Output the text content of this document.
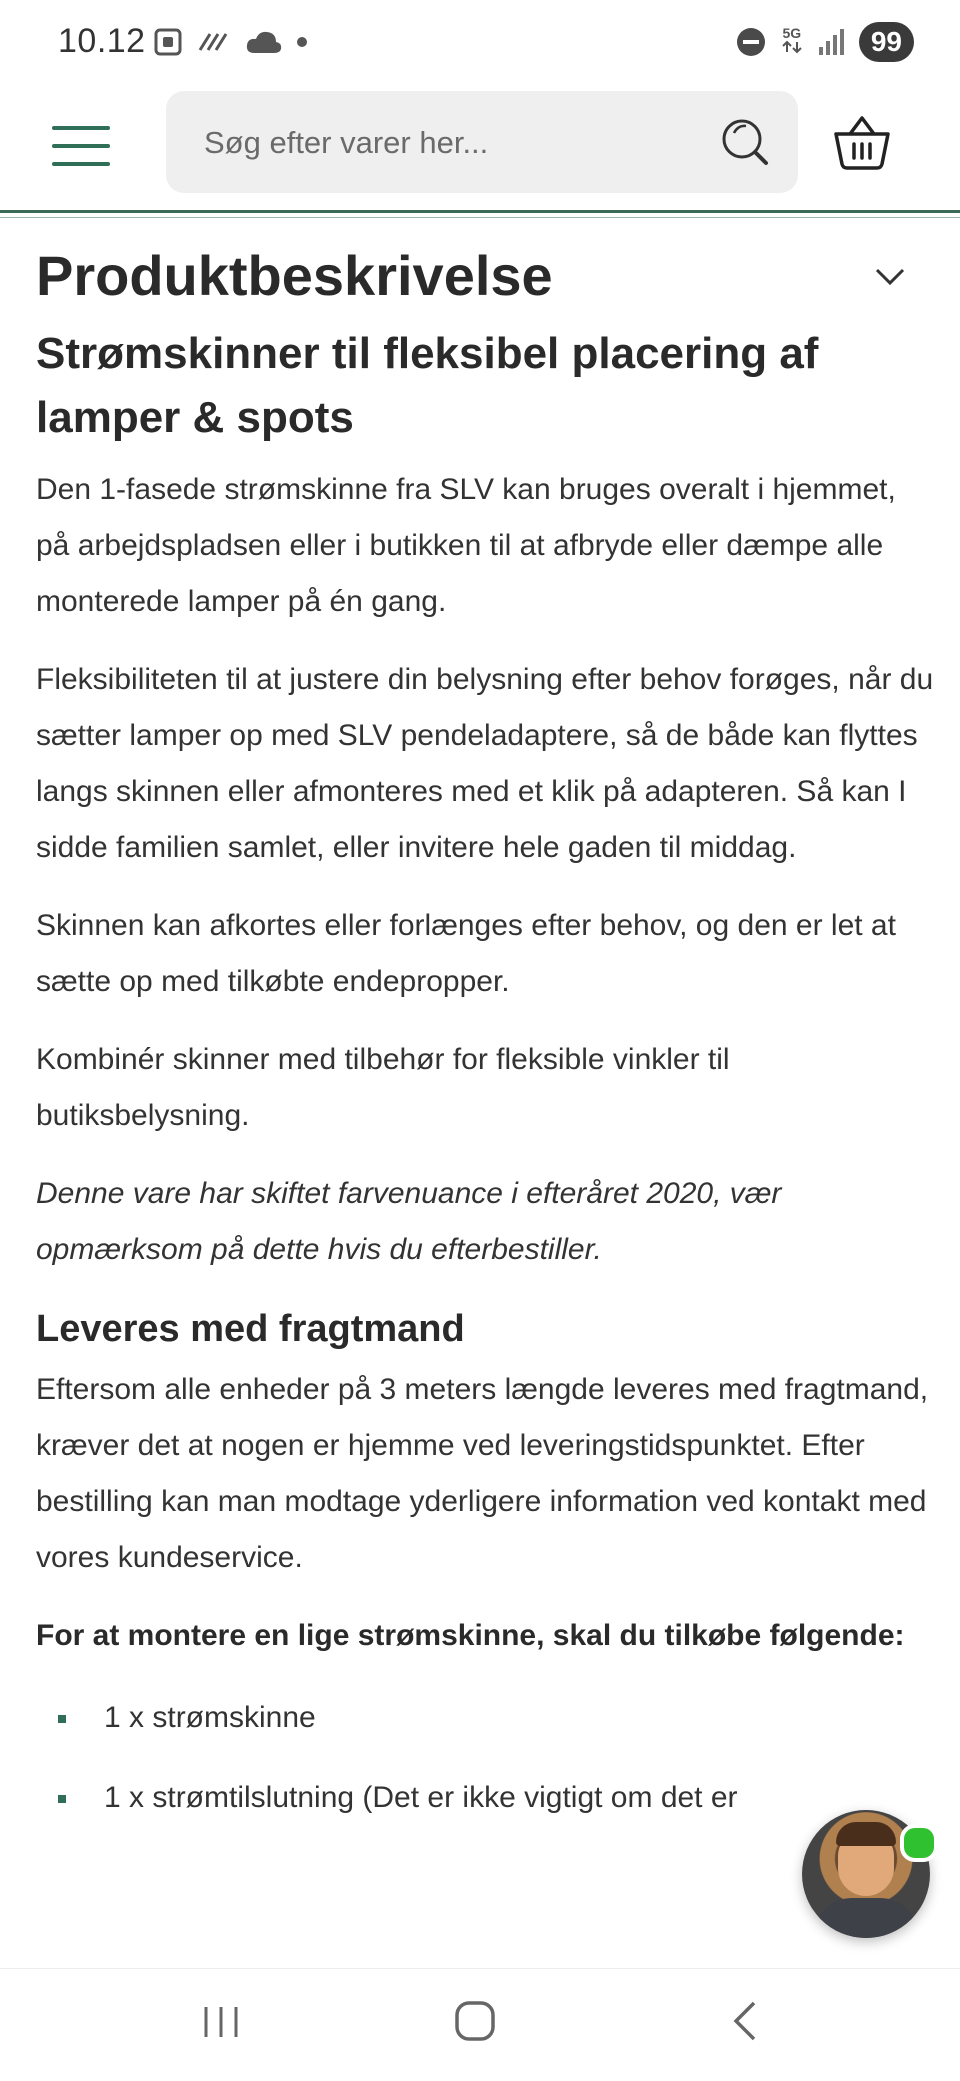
10.12	5G	99
Søg efter varer her...
Produktbeskrivelse
Strømskinner til fleksibel placering af lamper & spots

Den 1-fasede strømskinne fra SLV kan bruges overalt i hjemmet, på arbejdspladsen eller i butikken til at afbryde eller dæmpe alle monterede lamper på én gang.

Fleksibiliteten til at justere din belysning efter behov forøges, når du sætter lamper op med SLV pendeladaptere, så de både kan flyttes langs skinnen eller afmonteres med et klik på adapteren. Så kan I sidde familien samlet, eller invitere hele gaden til middag.

Skinnen kan afkortes eller forlænges efter behov, og den er let at sætte op med tilkøbte endepropper.

Kombinér skinner med tilbehør for fleksible vinkler til butiksbelysning.

Denne vare har skiftet farvenuance i efteråret 2020, vær opmærksom på dette hvis du efterbestiller.

Leveres med fragtmand

Eftersom alle enheder på 3 meters længde leveres med fragtmand, kræver det at nogen er hjemme ved leveringstidspunktet. Efter bestilling kan man modtage yderligere information ved kontakt med vores kundeservice.

For at montere en lige strømskinne, skal du tilkøbe følgende:

1 x strømskinne
1 x strømtilslutning (Det er ikke vigtigt om det er
